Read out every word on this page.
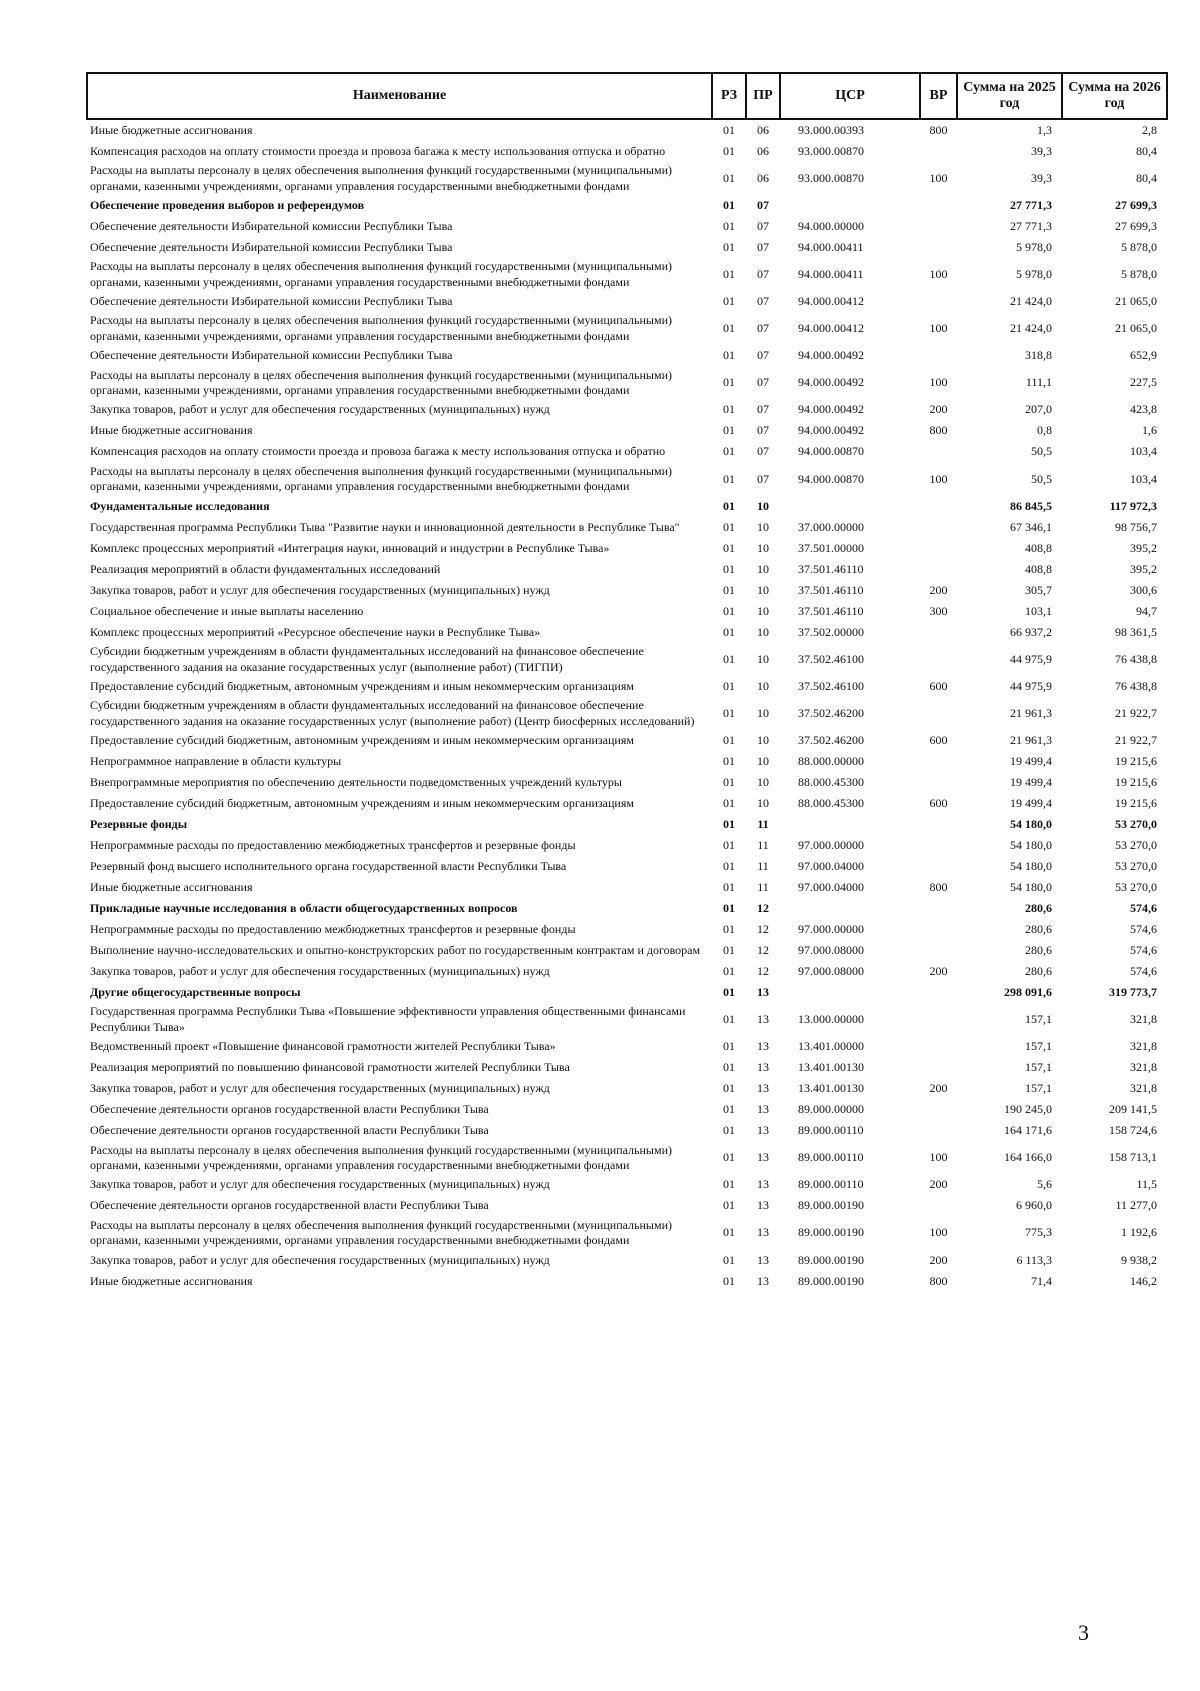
Наименование	РЗ	ПР	ЦСР	ВР	Сумма на 2025 год	Сумма на 2026 год
Иные бюджетные ассигнования	01	06	93.000.00393	800	1,3	2,8
Компенсация расходов на оплату стоимости проезда и провоза багажа к месту использования отпуска и обратно	01	06	93.000.00870		39,3	80,4
Расходы на выплаты персоналу в целях обеспечения выполнения функций государственными (муниципальными) органами, казенными учреждениями, органами управления государственными внебюджетными фондами	01	06	93.000.00870	100	39,3	80,4
Обеспечение проведения выборов и референдумов	01	07			27 771,3	27 699,3
Обеспечение деятельности Избирательной комиссии Республики Тыва	01	07	94.000.00000		27 771,3	27 699,3
Обеспечение деятельности Избирательной комиссии Республики Тыва	01	07	94.000.00411		5 978,0	5 878,0
Расходы на выплаты персоналу в целях обеспечения выполнения функций государственными (муниципальными) органами, казенными учреждениями, органами управления государственными внебюджетными фондами	01	07	94.000.00411	100	5 978,0	5 878,0
Обеспечение деятельности Избирательной комиссии Республики Тыва	01	07	94.000.00412		21 424,0	21 065,0
Расходы на выплаты персоналу в целях обеспечения выполнения функций государственными (муниципальными) органами, казенными учреждениями, органами управления государственными внебюджетными фондами	01	07	94.000.00412	100	21 424,0	21 065,0
Обеспечение деятельности Избирательной комиссии Республики Тыва	01	07	94.000.00492		318,8	652,9
Расходы на выплаты персоналу в целях обеспечения выполнения функций государственными (муниципальными) органами, казенными учреждениями, органами управления государственными внебюджетными фондами	01	07	94.000.00492	100	111,1	227,5
Закупка товаров, работ и услуг для обеспечения государственных (муниципальных) нужд	01	07	94.000.00492	200	207,0	423,8
Иные бюджетные ассигнования	01	07	94.000.00492	800	0,8	1,6
Компенсация расходов на оплату стоимости проезда и провоза багажа к месту использования отпуска и обратно	01	07	94.000.00870		50,5	103,4
Расходы на выплаты персоналу в целях обеспечения выполнения функций государственными (муниципальными) органами, казенными учреждениями, органами управления государственными внебюджетными фондами	01	07	94.000.00870	100	50,5	103,4
Фундаментальные исследования	01	10			86 845,5	117 972,3
Государственная программа Республики Тыва "Развитие науки и инновационной деятельности в Республике Тыва"	01	10	37.000.00000		67 346,1	98 756,7
Комплекс процессных мероприятий «Интеграция науки, инноваций и индустрии в Республике Тыва»	01	10	37.501.00000		408,8	395,2
Реализация мероприятий в области фундаментальных исследований	01	10	37.501.46110		408,8	395,2
Закупка товаров, работ и услуг для обеспечения государственных (муниципальных) нужд	01	10	37.501.46110	200	305,7	300,6
Социальное обеспечение и иные выплаты населению	01	10	37.501.46110	300	103,1	94,7
Комплекс процессных мероприятий «Ресурсное обеспечение науки в Республике Тыва»	01	10	37.502.00000		66 937,2	98 361,5
Субсидии бюджетным учреждениям в области фундаментальных исследований на финансовое обеспечение государственного задания на оказание государственных услуг (выполнение работ) (ТИГПИ)	01	10	37.502.46100		44 975,9	76 438,8
Предоставление субсидий бюджетным, автономным учреждениям и иным некоммерческим организациям	01	10	37.502.46100	600	44 975,9	76 438,8
Субсидии бюджетным учреждениям в области фундаментальных исследований на финансовое обеспечение государственного задания на оказание государственных услуг (выполнение работ) (Центр биосферных исследований)	01	10	37.502.46200		21 961,3	21 922,7
Предоставление субсидий бюджетным, автономным учреждениям и иным некоммерческим организациям	01	10	37.502.46200	600	21 961,3	21 922,7
Непрограммное направление в области культуры	01	10	88.000.00000		19 499,4	19 215,6
Внепрограммные мероприятия по обеспечению деятельности подведомственных учреждений культуры	01	10	88.000.45300		19 499,4	19 215,6
Предоставление субсидий бюджетным, автономным учреждениям и иным некоммерческим организациям	01	10	88.000.45300	600	19 499,4	19 215,6
Резервные фонды	01	11			54 180,0	53 270,0
Непрограммные расходы по предоставлению межбюджетных трансфертов и резервные фонды	01	11	97.000.00000		54 180,0	53 270,0
Резервный фонд высшего исполнительного органа государственной власти Республики Тыва	01	11	97.000.04000		54 180,0	53 270,0
Иные бюджетные ассигнования	01	11	97.000.04000	800	54 180,0	53 270,0
Прикладные научные исследования в области общегосударственных вопросов	01	12			280,6	574,6
Непрограммные расходы по предоставлению межбюджетных трансфертов и резервные фонды	01	12	97.000.00000		280,6	574,6
Выполнение научно-исследовательских и опытно-конструкторских работ по государственным контрактам и договорам	01	12	97.000.08000		280,6	574,6
Закупка товаров, работ и услуг для обеспечения государственных (муниципальных) нужд	01	12	97.000.08000	200	280,6	574,6
Другие общегосударственные вопросы	01	13			298 091,6	319 773,7
Государственная программа Республики Тыва «Повышение эффективности управления общественными финансами Республики Тыва»	01	13	13.000.00000		157,1	321,8
Ведомственный проект «Повышение финансовой грамотности жителей Республики Тыва»	01	13	13.401.00000		157,1	321,8
Реализация мероприятий по повышению финансовой грамотности жителей Республики Тыва	01	13	13.401.00130		157,1	321,8
Закупка товаров, работ и услуг для обеспечения государственных (муниципальных) нужд	01	13	13.401.00130	200	157,1	321,8
Обеспечение деятельности органов государственной власти Республики Тыва	01	13	89.000.00000		190 245,0	209 141,5
Обеспечение деятельности органов государственной власти Республики Тыва	01	13	89.000.00110		164 171,6	158 724,6
Расходы на выплаты персоналу в целях обеспечения выполнения функций государственными (муниципальными) органами, казенными учреждениями, органами управления государственными внебюджетными фондами	01	13	89.000.00110	100	164 166,0	158 713,1
Закупка товаров, работ и услуг для обеспечения государственных (муниципальных) нужд	01	13	89.000.00110	200	5,6	11,5
Обеспечение деятельности органов государственной власти Республики Тыва	01	13	89.000.00190		6 960,0	11 277,0
Расходы на выплаты персоналу в целях обеспечения выполнения функций государственными (муниципальными) органами, казенными учреждениями, органами управления государственными внебюджетными фондами	01	13	89.000.00190	100	775,3	1 192,6
Закупка товаров, работ и услуг для обеспечения государственных (муниципальных) нужд	01	13	89.000.00190	200	6 113,3	9 938,2
Иные бюджетные ассигнования	01	13	89.000.00190	800	71,4	146,2
3
